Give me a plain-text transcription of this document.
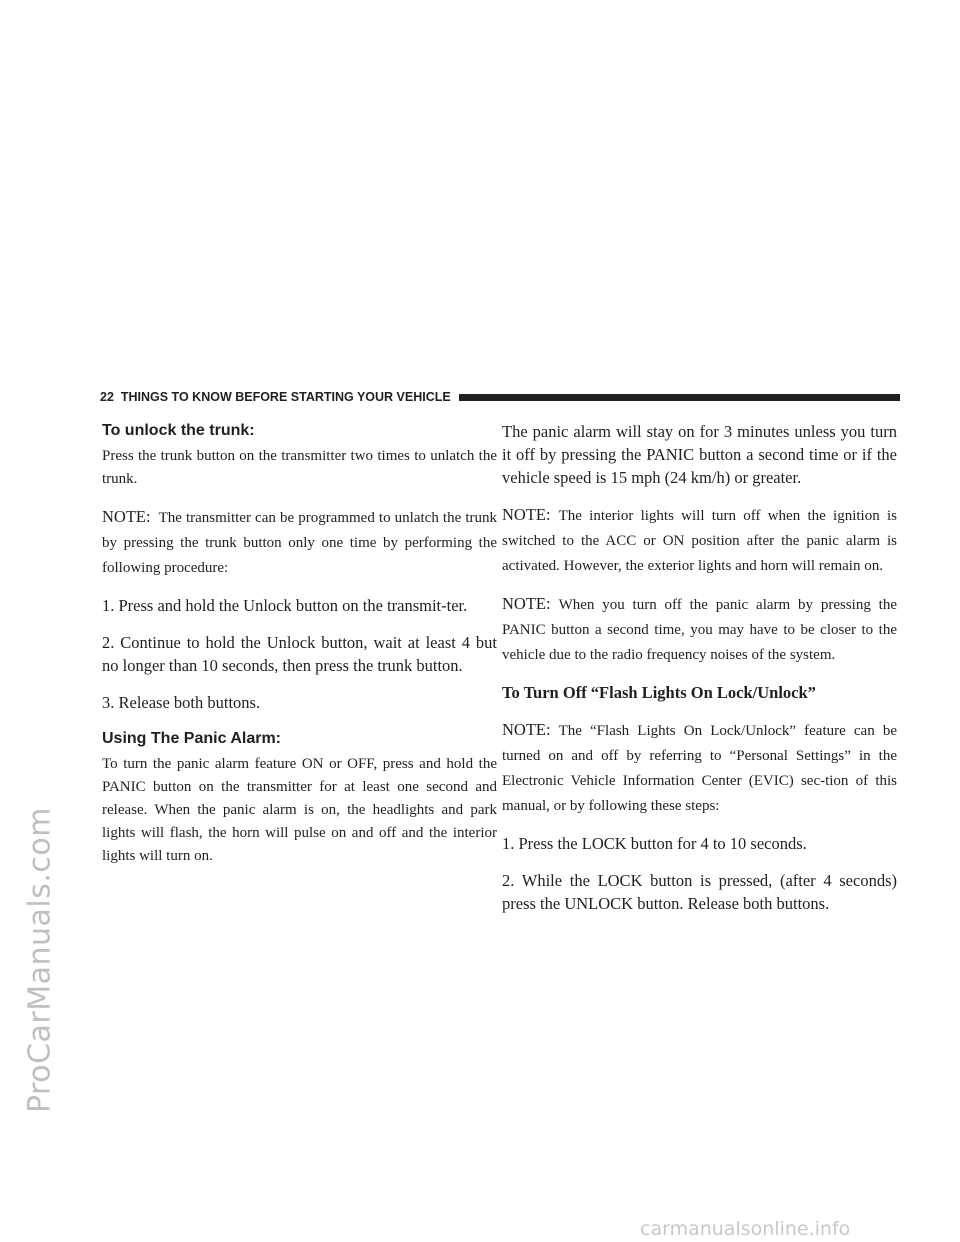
ProCarManuals.com
carmanualsonline.info
22 THINGS TO KNOW BEFORE STARTING YOUR VEHICLE
To unlock the trunk:

Press the trunk button on the transmitter two times to unlatch the trunk.

NOTE: The transmitter can be programmed to unlatch the trunk by pressing the trunk button only one time by performing the following procedure:

1. Press and hold the Unlock button on the transmit-ter.

2. Continue to hold the Unlock button, wait at least 4 but no longer than 10 seconds, then press the trunk button.

3. Release both buttons.

Using The Panic Alarm:

To turn the panic alarm feature ON or OFF, press and hold the PANIC button on the transmitter for at least one second and release. When the panic alarm is on, the headlights and park lights will flash, the horn will pulse on and off and the interior lights will turn on.

The panic alarm will stay on for 3 minutes unless you turn it off by pressing the PANIC button a second time or if the vehicle speed is 15 mph (24 km/h) or greater.

NOTE: The interior lights will turn off when the ignition is switched to the ACC or ON position after the panic alarm is activated. However, the exterior lights and horn will remain on.

NOTE: When you turn off the panic alarm by pressing the PANIC button a second time, you may have to be closer to the vehicle due to the radio frequency noises of the system.

To Turn Off “Flash Lights On Lock/Unlock”

NOTE: The “Flash Lights On Lock/Unlock” feature can be turned on and off by referring to “Personal Settings” in the Electronic Vehicle Information Center (EVIC) sec-tion of this manual, or by following these steps:

1. Press the LOCK button for 4 to 10 seconds.

2. While the LOCK button is pressed, (after 4 seconds) press the UNLOCK button. Release both buttons.
